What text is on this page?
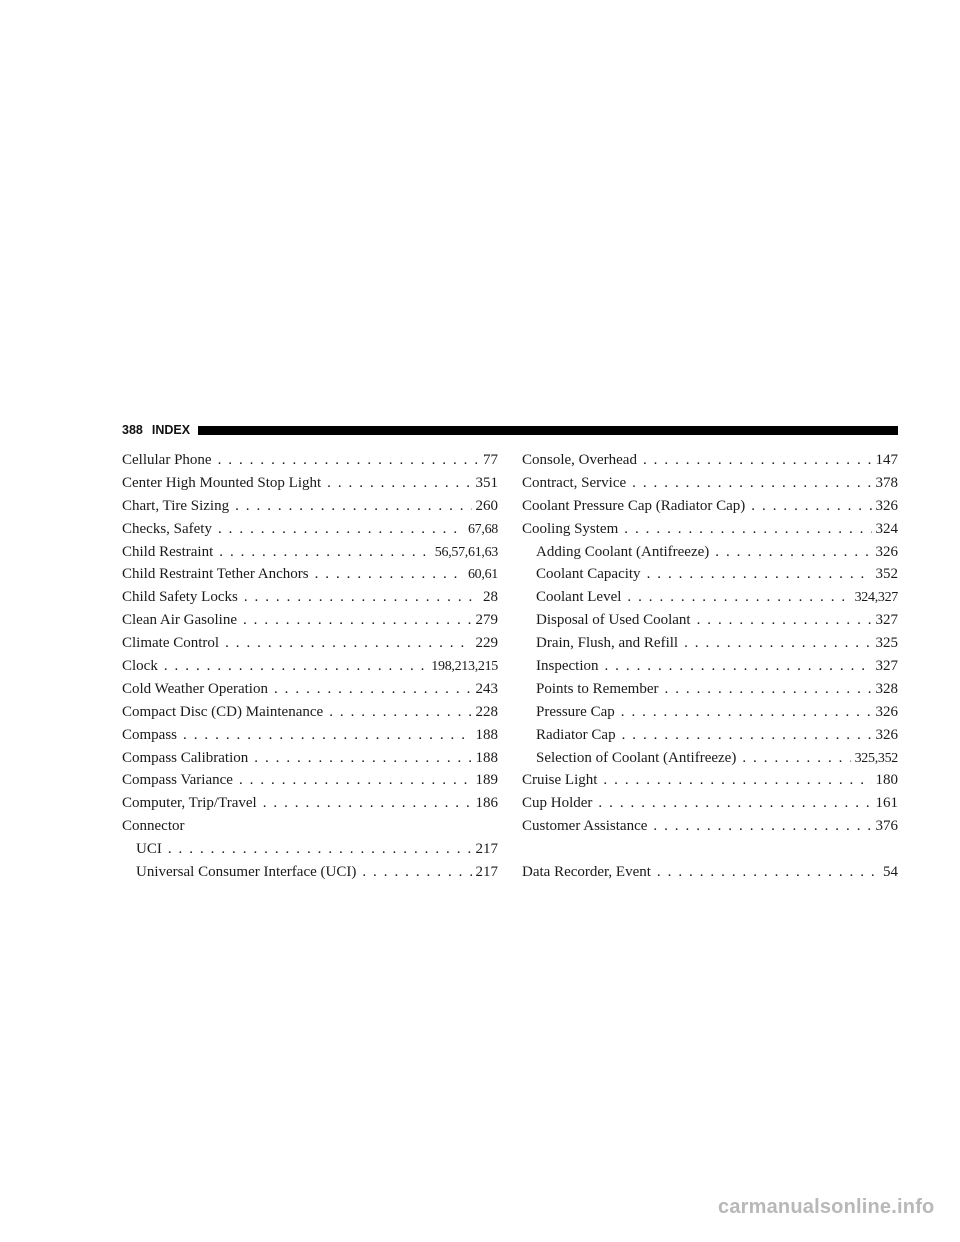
388 INDEX
Cellular Phone . . .	77
Center High Mounted Stop Light . . .	351
Chart, Tire Sizing . . .	260
Checks, Safety . . .	67,68
Child Restraint . . .	56,57,61,63
Child Restraint Tether Anchors . . .	60,61
Child Safety Locks . . .	28
Clean Air Gasoline . . .	279
Climate Control . . .	229
Clock . . .	198,213,215
Cold Weather Operation . . .	243
Compact Disc (CD) Maintenance . . .	228
Compass . . .	188
Compass Calibration . . .	188
Compass Variance . . .	189
Computer, Trip/Travel . . .	186
Connector
UCI . . .	217
Universal Consumer Interface (UCI) . . .	217
Console, Overhead . . .	147
Contract, Service . . .	378
Coolant Pressure Cap (Radiator Cap) . . .	326
Cooling System . . .	324
Adding Coolant (Antifreeze) . . .	326
Coolant Capacity . . .	352
Coolant Level . . .	324,327
Disposal of Used Coolant . . .	327
Drain, Flush, and Refill . . .	325
Inspection . . .	327
Points to Remember . . .	328
Pressure Cap . . .	326
Radiator Cap . . .	326
Selection of Coolant (Antifreeze) . . .	325,352
Cruise Light . . .	180
Cup Holder . . .	161
Customer Assistance . . .	376
Data Recorder, Event . . .	54
carmanualsonline.info
